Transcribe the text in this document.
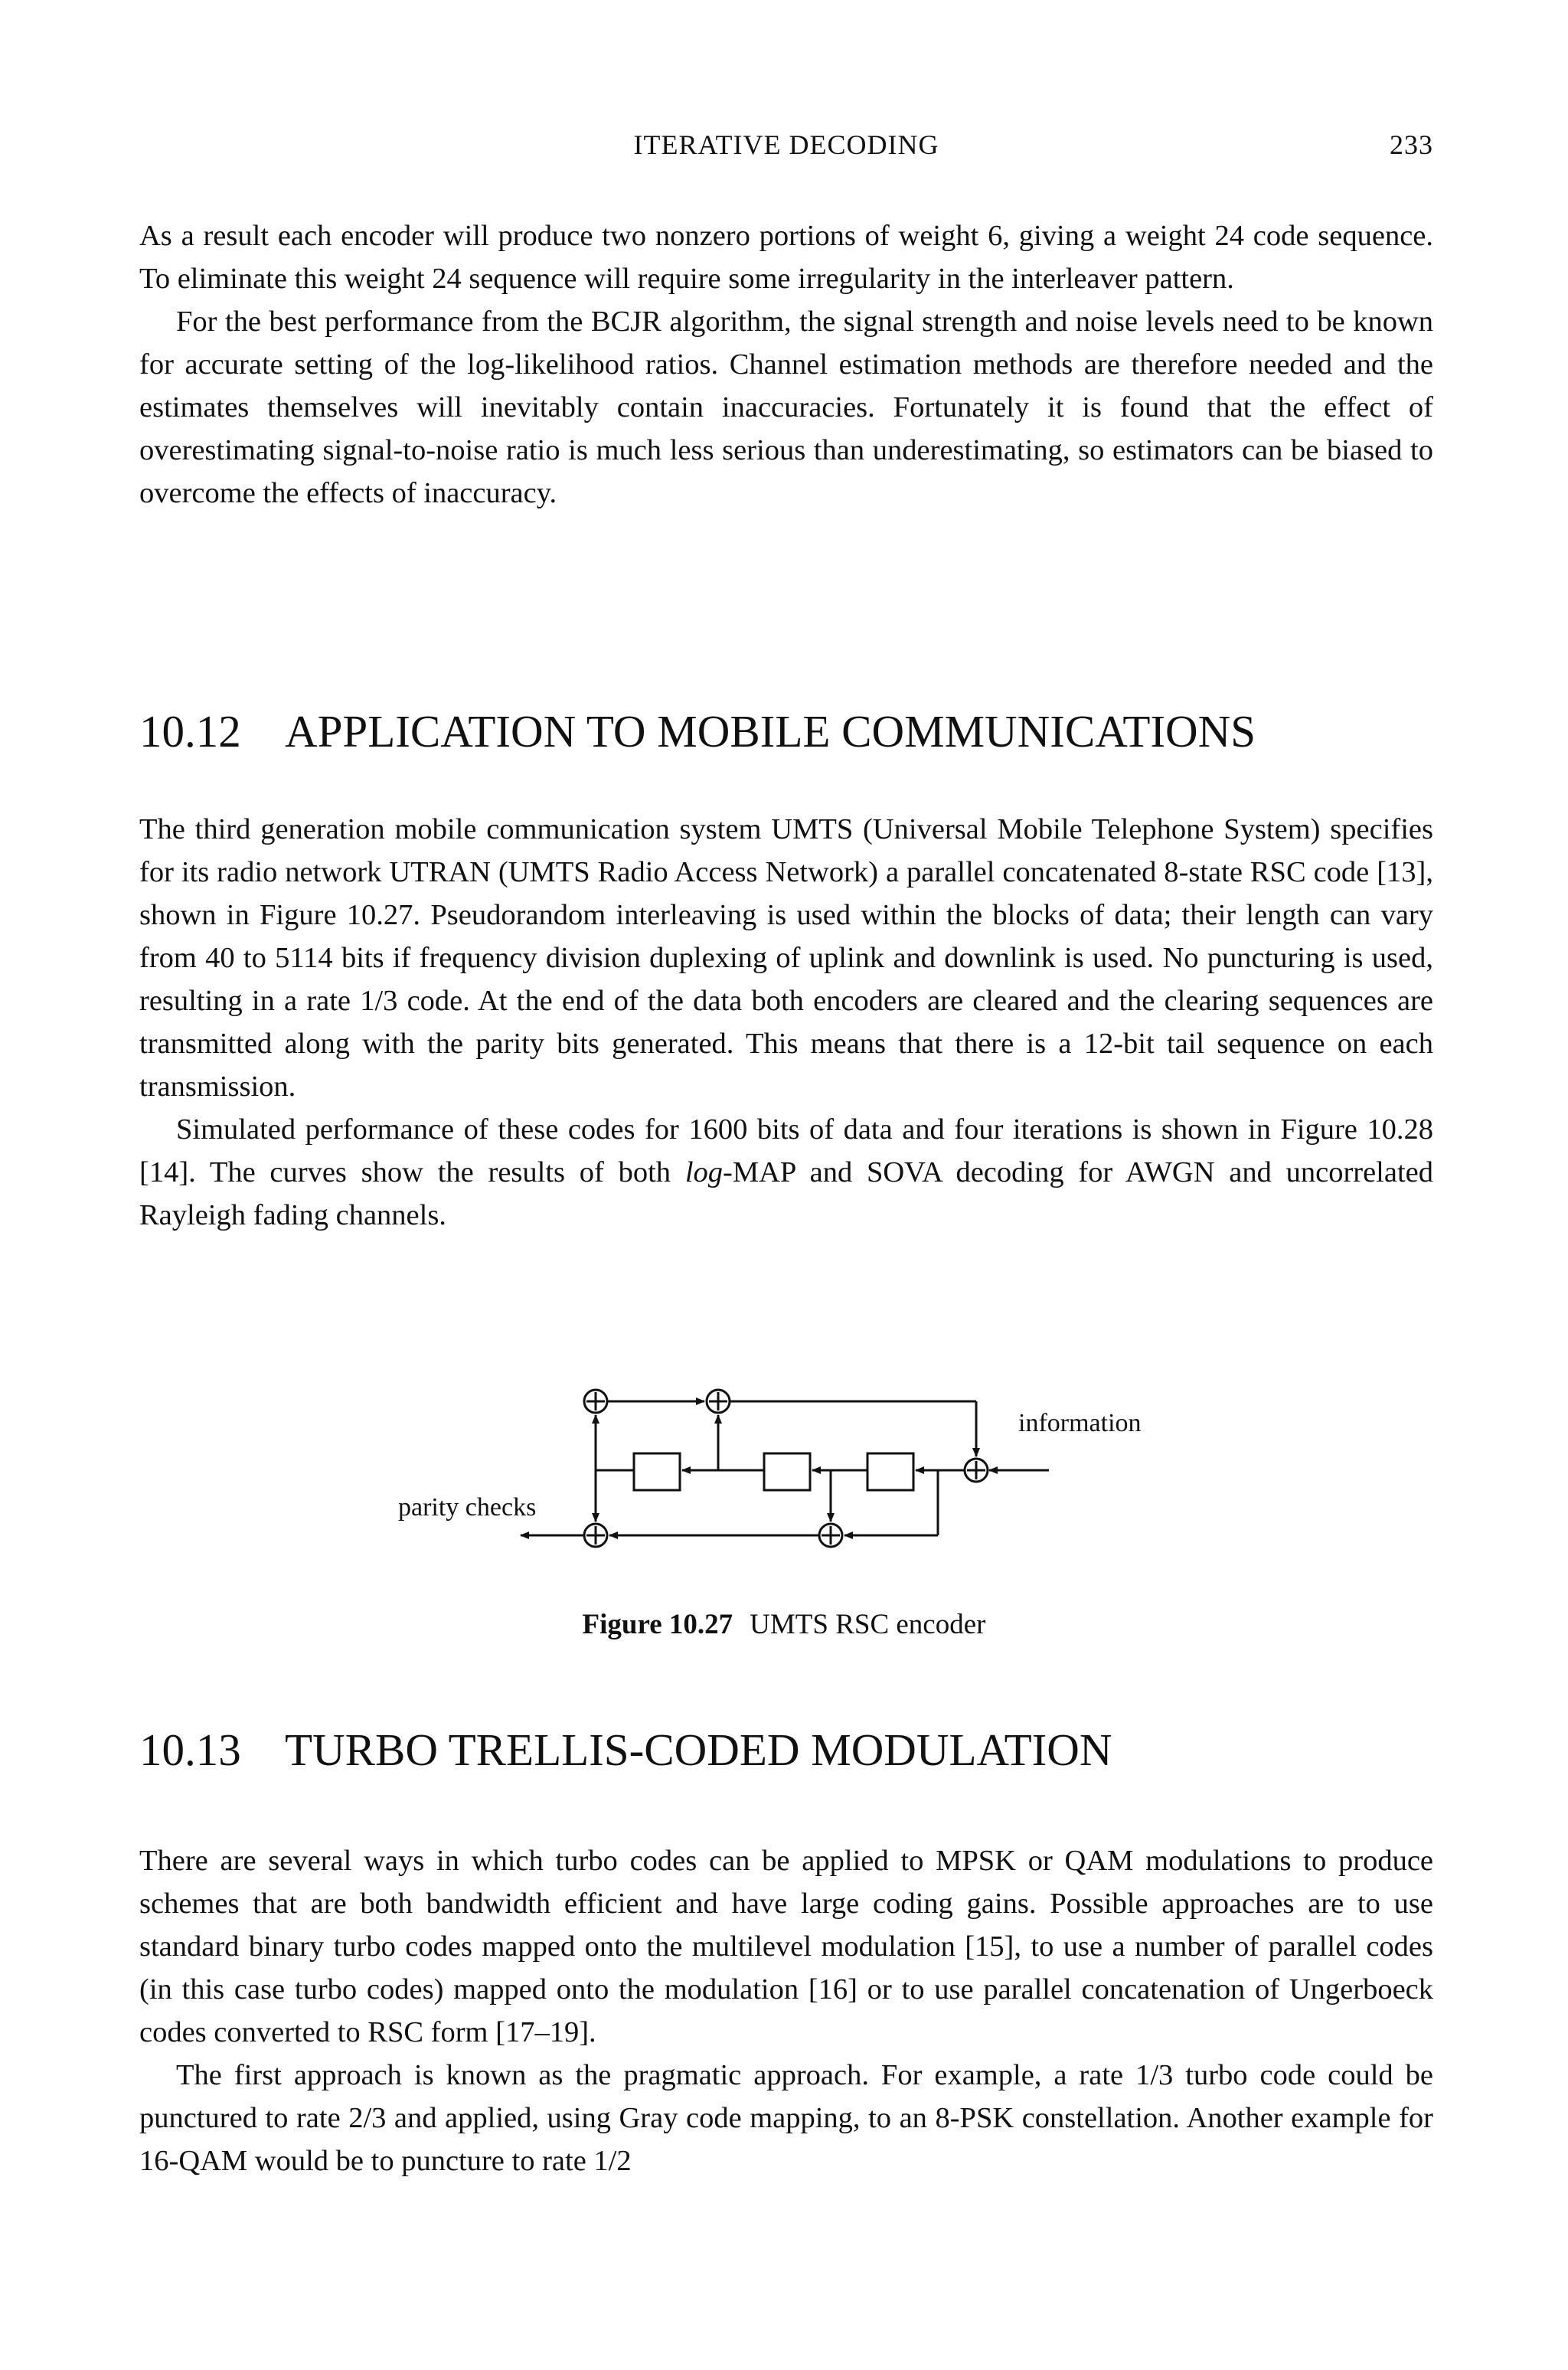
ITERATIVE DECODING	233

As a result each encoder will produce two nonzero portions of weight 6, giving a weight 24 code sequence. To eliminate this weight 24 sequence will require some irregularity in the interleaver pattern.

For the best performance from the BCJR algorithm, the signal strength and noise levels need to be known for accurate setting of the log-likelihood ratios. Channel estimation methods are therefore needed and the estimates themselves will inevitably contain inaccuracies. Fortunately it is found that the effect of overestimating signal-to-noise ratio is much less serious than underestimating, so estimators can be biased to overcome the effects of inaccuracy.

10.12 APPLICATION TO MOBILE COMMUNICATIONS

The third generation mobile communication system UMTS (Universal Mobile Telephone System) specifies for its radio network UTRAN (UMTS Radio Access Network) a parallel concatenated 8-state RSC code [13], shown in Figure 10.27. Pseudorandom interleaving is used within the blocks of data; their length can vary from 40 to 5114 bits if frequency division duplexing of uplink and downlink is used. No puncturing is used, resulting in a rate 1/3 code. At the end of the data both encoders are cleared and the clearing sequences are transmitted along with the parity bits generated. This means that there is a 12-bit tail sequence on each transmission.

Simulated performance of these codes for 1600 bits of data and four iterations is shown in Figure 10.28 [14]. The curves show the results of both log-MAP and SOVA decoding for AWGN and uncorrelated Rayleigh fading channels.

information
parity checks
Figure 10.27 UMTS RSC encoder
10.13 TURBO TRELLIS-CODED MODULATION

There are several ways in which turbo codes can be applied to MPSK or QAM modulations to produce schemes that are both bandwidth efficient and have large coding gains. Possible approaches are to use standard binary turbo codes mapped onto the multilevel modulation [15], to use a number of parallel codes (in this case turbo codes) mapped onto the modulation [16] or to use parallel concatenation of Ungerboeck codes converted to RSC form [17–19].

The first approach is known as the pragmatic approach. For example, a rate 1/3 turbo code could be punctured to rate 2/3 and applied, using Gray code mapping, to an 8-PSK constellation. Another example for 16-QAM would be to puncture to rate 1/2
